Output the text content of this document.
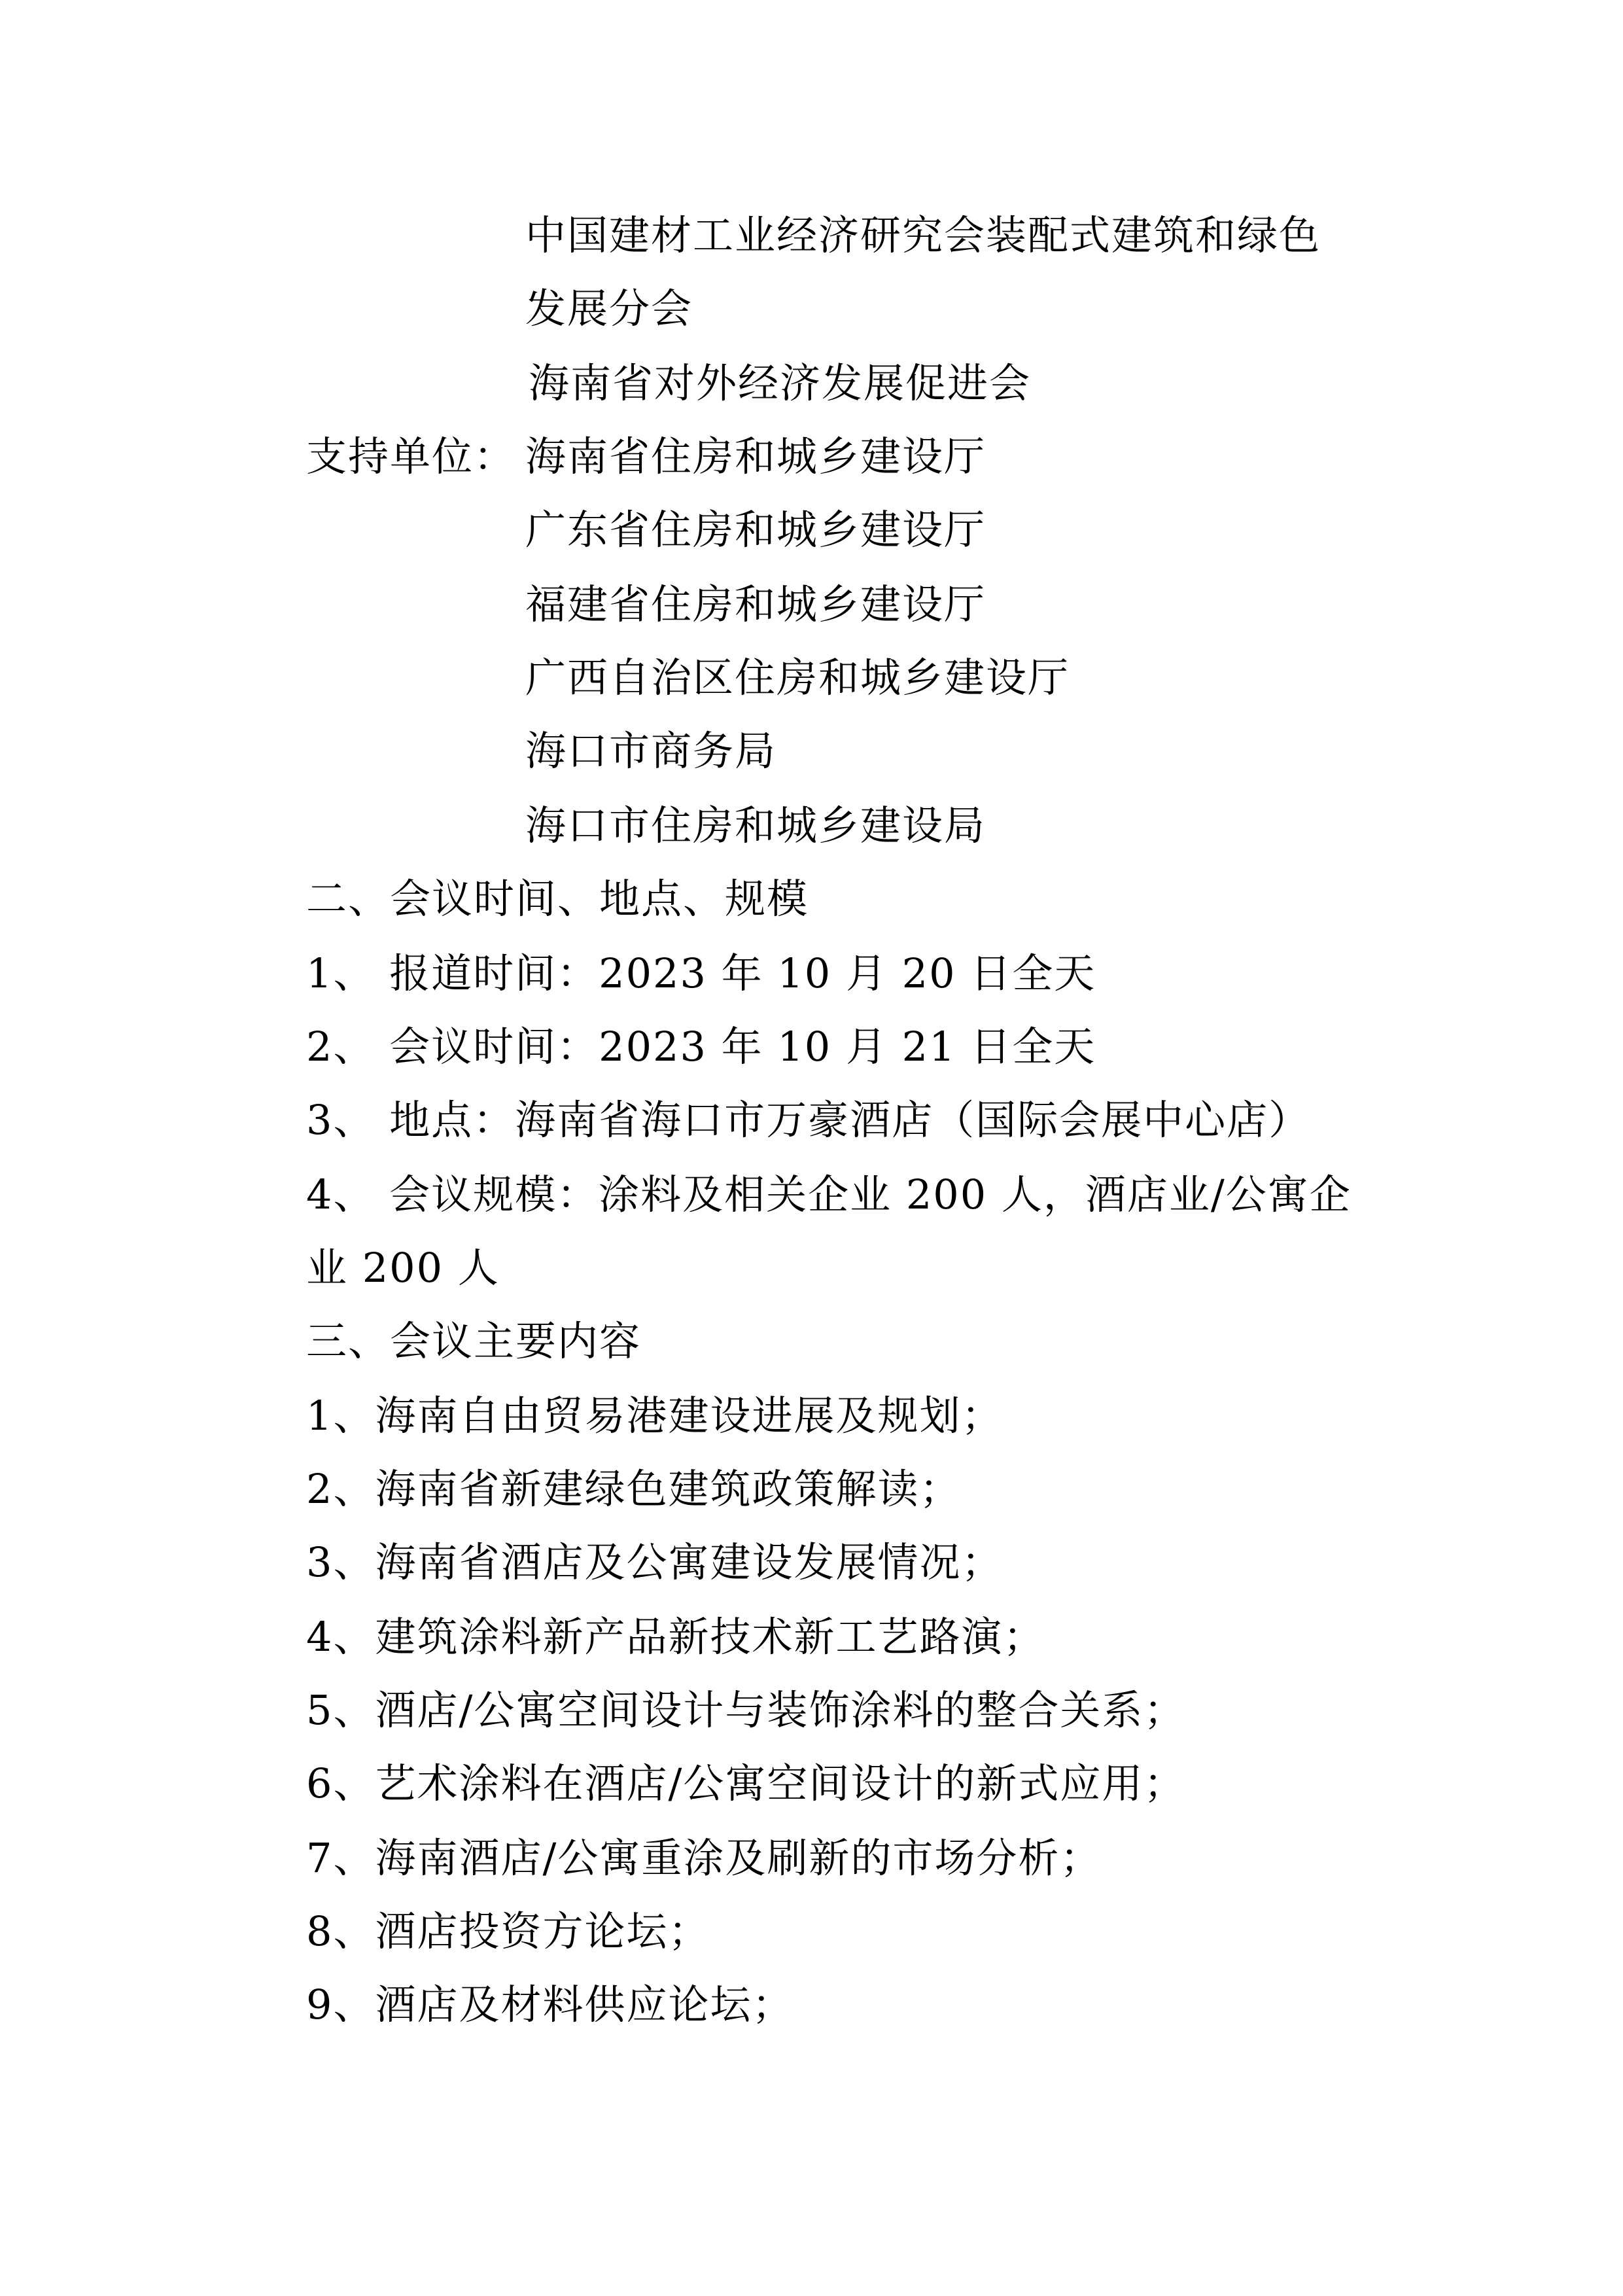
中国建材工业经济研究会装配式建筑和绿色
发展分会
海南省对外经济发展促进会
支持单位： 海南省住房和城乡建设厅
广东省住房和城乡建设厅
福建省住房和城乡建设厅
广西自治区住房和城乡建设厅
海口市商务局
海口市住房和城乡建设局
二、会议时间、地点、规模
1、 报道时间：2023 年 10 月 20 日全天
2、 会议时间：2023 年 10 月 21 日全天
3、 地点：海南省海口市万豪酒店（国际会展中心店）
4、 会议规模：涂料及相关企业 200 人，酒店业/公寓企
业 200 人
三、会议主要内容
1、海南自由贸易港建设进展及规划；
2、海南省新建绿色建筑政策解读；
3、海南省酒店及公寓建设发展情况；
4、建筑涂料新产品新技术新工艺路演；
5、酒店/公寓空间设计与装饰涂料的整合关系；
6、艺术涂料在酒店/公寓空间设计的新式应用；
7、海南酒店/公寓重涂及刷新的市场分析；
8、酒店投资方论坛；
9、酒店及材料供应论坛；
